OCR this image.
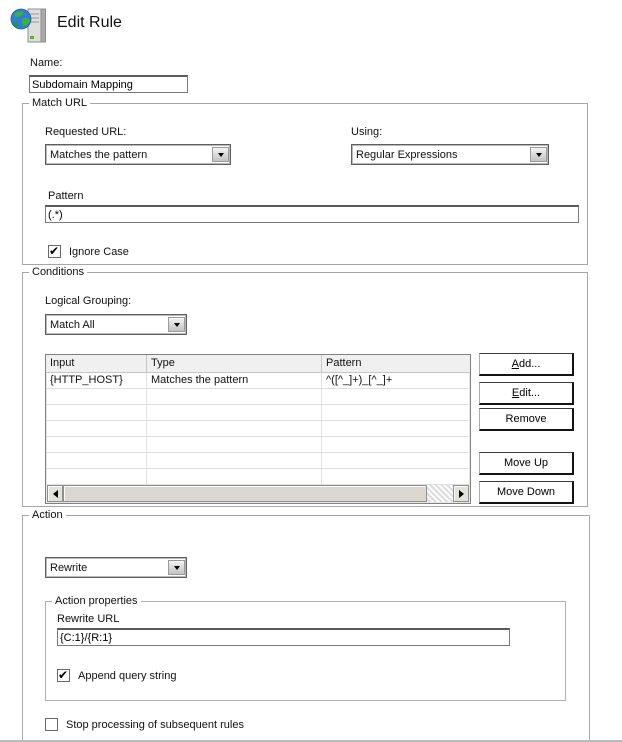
Edit Rule
Name:
Subdomain Mapping
Match URL
Requested URL:
Matches the pattern
Using:
Regular Expressions
Pattern
(.*)
✔
Ignore Case
Conditions
Logical Grouping:
Match All
Input	Type	Pattern
{HTTP_HOST}	Matches the pattern	^([^_]+)_[^_]+
Add...
Edit...
Remove
Move Up
Move Down
Action
Rewrite
Action properties
Rewrite URL
{C:1}/{R:1}
✔
Append query string
Stop processing of subsequent rules
